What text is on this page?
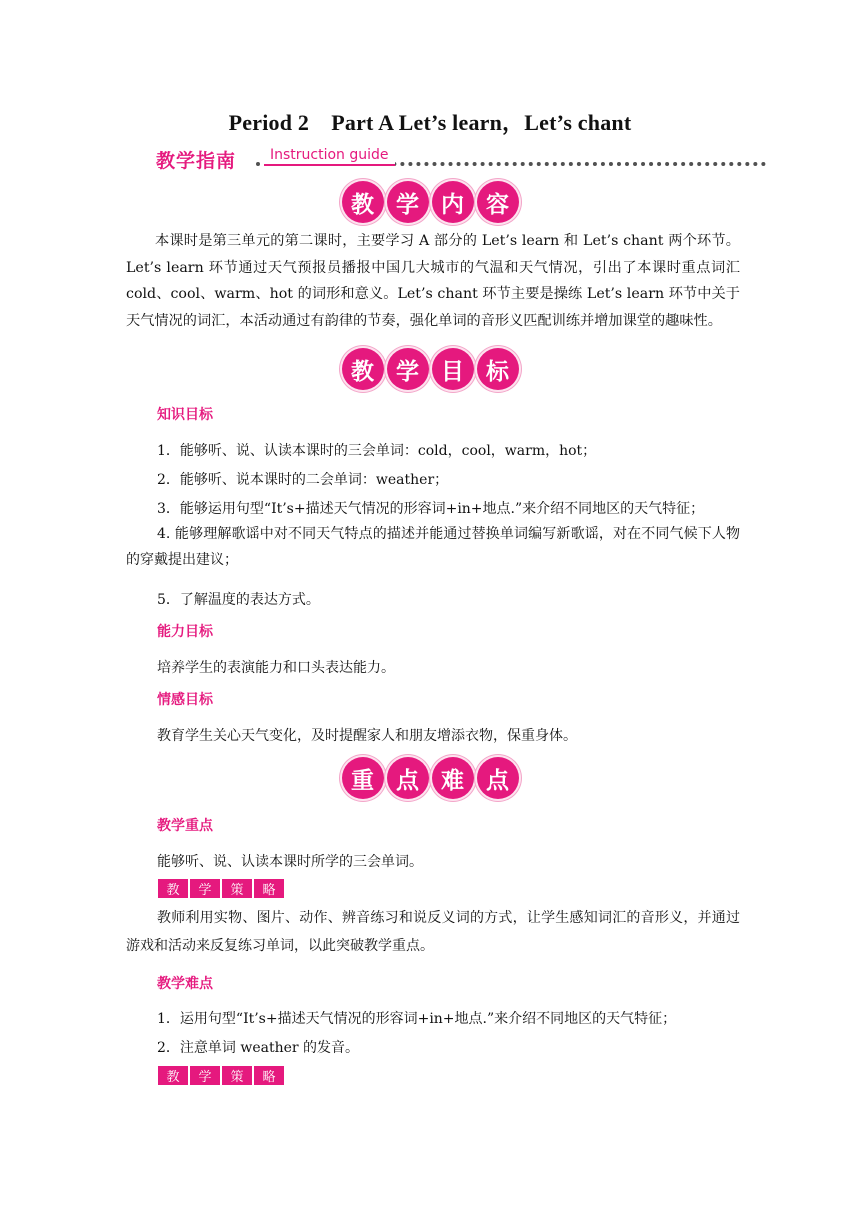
Period 2　Part A Let’s learn，Let’s chant
教学指南	Instruction guide
教 学 内 容
本课时是第三单元的第二课时，主要学习 A 部分的 Let’s learn 和 Let’s chant 两个环节。Let’s learn 环节通过天气预报员播报中国几大城市的气温和天气情况，引出了本课时重点词汇 cold、cool、warm、hot 的词形和意义。Let’s chant 环节主要是操练 Let’s learn 环节中关于天气情况的词汇，本活动通过有韵律的节奏，强化单词的音形义匹配训练并增加课堂的趣味性。
教 学 目 标
知识目标
1．能够听、说、认读本课时的三会单词：cold，cool，warm，hot；
2．能够听、说本课时的二会单词：weather；
3．能够运用句型“It’s+描述天气情况的形容词+in+地点.”来介绍不同地区的天气特征；
4. 能够理解歌谣中对不同天气特点的描述并能通过替换单词编写新歌谣，对在不同气候下人物的穿戴提出建议；
5．了解温度的表达方式。
能力目标
培养学生的表演能力和口头表达能力。
情感目标
教育学生关心天气变化，及时提醒家人和朋友增添衣物，保重身体。
重 点 难 点
教学重点
能够听、说、认读本课时所学的三会单词。
教	学	策	略
教师利用实物、图片、动作、辨音练习和说反义词的方式，让学生感知词汇的音形义，并通过游戏和活动来反复练习单词，以此突破教学重点。
教学难点
1．运用句型“It’s+描述天气情况的形容词+in+地点.”来介绍不同地区的天气特征；
2．注意单词 weather 的发音。
教	学	策	略
